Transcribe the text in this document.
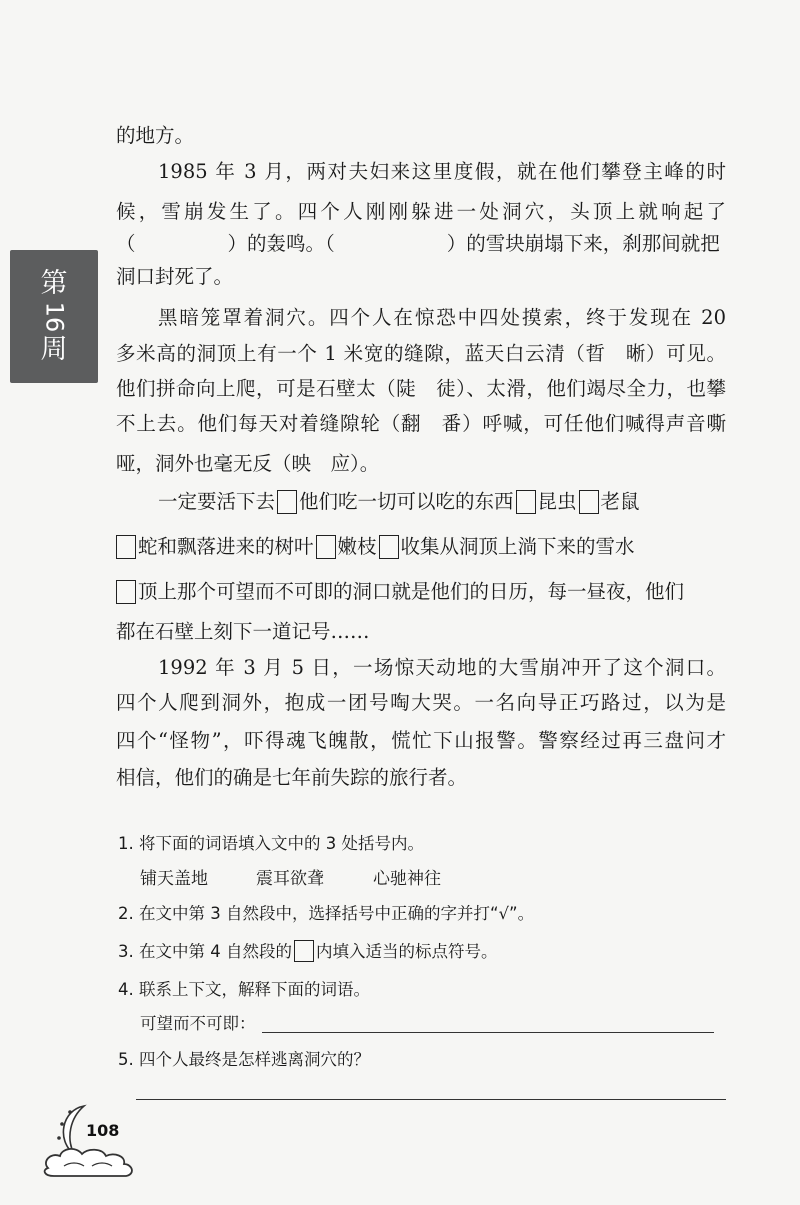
第
16
周
的地方。
1985 年 3 月，两对夫妇来这里度假，就在他们攀登主峰的时
候，雪崩发生了。四个人刚刚躲进一处洞穴，头顶上就响起了
（	）的轰鸣。（	）的雪块崩塌下来，刹那间就把
洞口封死了。
黑暗笼罩着洞穴。四个人在惊恐中四处摸索，终于发现在 20
多米高的洞顶上有一个 1 米宽的缝隙，蓝天白云清（晢　晰）可见。
他们拼命向上爬，可是石壁太（陡　徒）、太滑，他们竭尽全力，也攀
不上去。他们每天对着缝隙轮（翻　番）呼喊，可任他们喊得声音嘶
哑，洞外也毫无反（映　应）。
一定要活下去 他们吃一切可以吃的东西 昆虫 老鼠
蛇和飘落进来的树叶 嫩枝 收集从洞顶上淌下来的雪水
顶上那个可望而不可即的洞口就是他们的日历，每一昼夜，他们
都在石壁上刻下一道记号……
1992 年 3 月 5 日，一场惊天动地的大雪崩冲开了这个洞口。
四个人爬到洞外，抱成一团号啕大哭。一名向导正巧路过，以为是
四个“怪物”，吓得魂飞魄散，慌忙下山报警。警察经过再三盘问才
相信，他们的确是七年前失踪的旅行者。
1. 将下面的词语填入文中的 3 处括号内。
铺天盖地	震耳欲聋	心驰神往
2. 在文中第 3 自然段中，选择括号中正确的字并打“√”。
3. 在文中第 4 自然段的 内填入适当的标点符号。
4. 联系上下文，解释下面的词语。
可望而不可即：
5. 四个人最终是怎样逃离洞穴的？
108
